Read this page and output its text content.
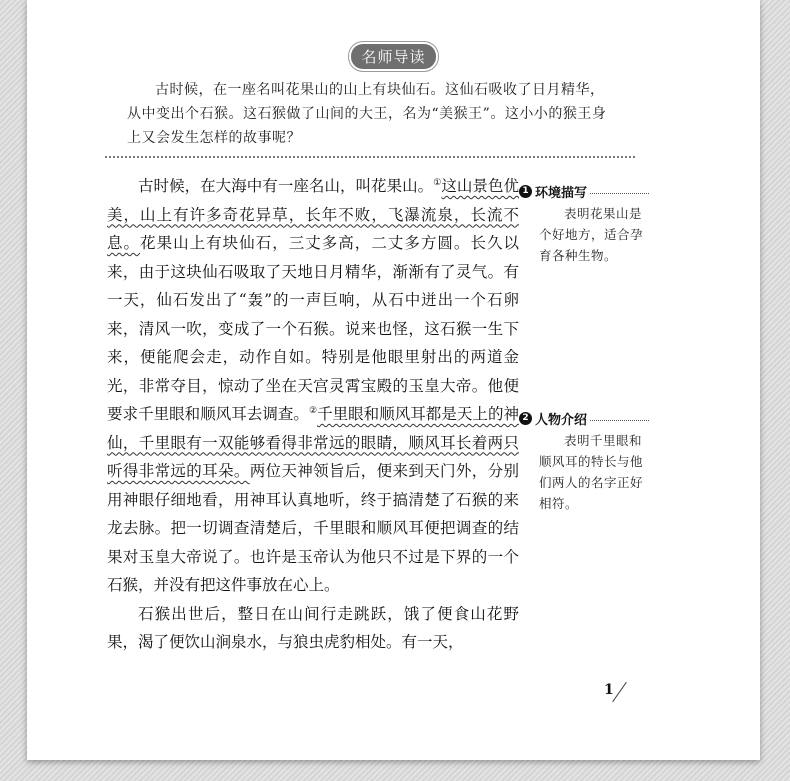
名师导读

古时候，在一座名叫花果山的山上有块仙石。这仙石吸收了日月精华，从中变出个石猴。这石猴做了山间的大王，名为“美猴王”。这小小的猴王身上又会发生怎样的故事呢？

古时候，在大海中有一座名山，叫花果山。①这山景色优美，山上有许多奇花异草，长年不败，飞瀑流泉，长流不息。花果山上有块仙石，三丈多高，二丈多方圆。长久以来，由于这块仙石吸取了天地日月精华，渐渐有了灵气。有一天，仙石发出了“轰”的一声巨响，从石中迸出一个石卵来，清风一吹，变成了一个石猴。说来也怪，这石猴一生下来，便能爬会走，动作自如。特别是他眼里射出的两道金光，非常夺目，惊动了坐在天宫灵霄宝殿的玉皇大帝。他便要求千里眼和顺风耳去调查。②千里眼和顺风耳都是天上的神仙，千里眼有一双能够看得非常远的眼睛，顺风耳长着两只听得非常远的耳朵。两位天神领旨后，便来到天门外，分别用神眼仔细地看，用神耳认真地听，终于搞清楚了石猴的来龙去脉。把一切调查清楚后，千里眼和顺风耳便把调查的结果对玉皇大帝说了。也许是玉帝认为他只不过是下界的一个石猴，并没有把这件事放在心上。

石猴出世后，整日在山间行走跳跃，饿了便食山花野果，渴了便饮山涧泉水，与狼虫虎豹相处。有一天，

1 环境描写
表明花果山是个好地方，适合孕育各种生物。
2 人物介绍
表明千里眼和顺风耳的特长与他们两人的名字正好相符。
1
